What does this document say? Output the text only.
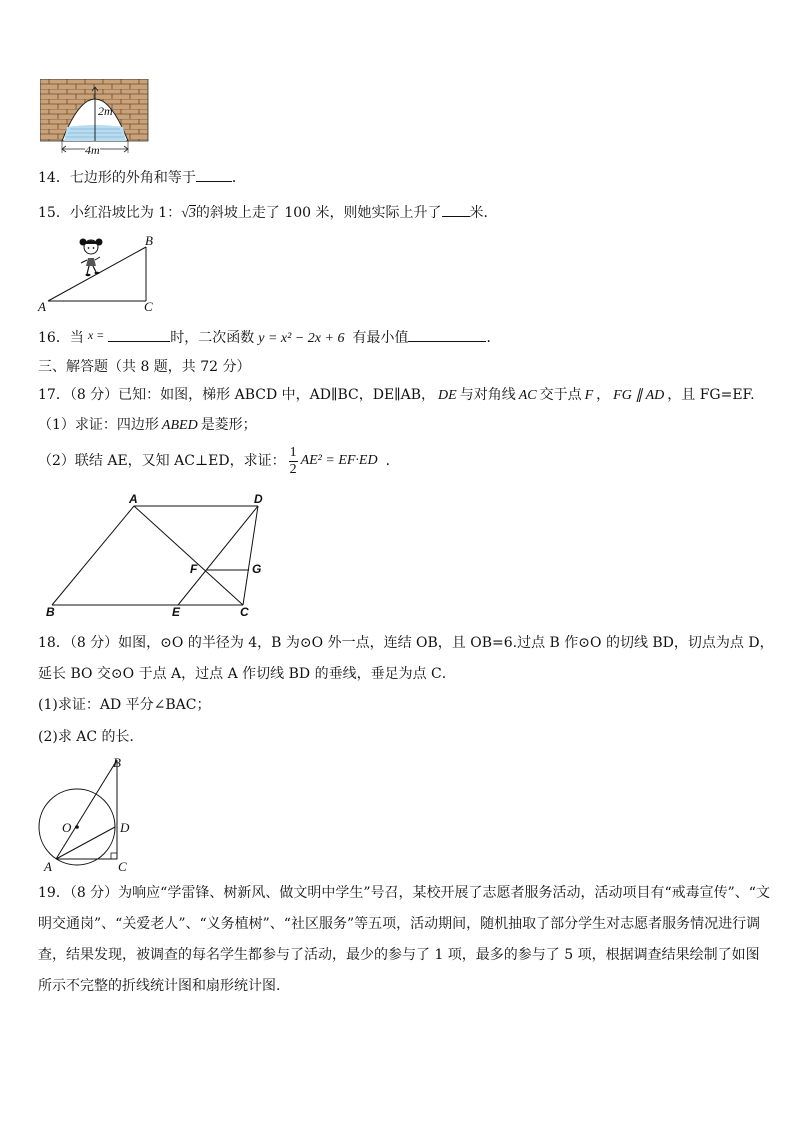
2m
4m
14．七边形的外角和等于	．
15．小红沿坡比为 1：√3的斜坡上走了 100 米，则她实际上升了 米．
A
B
C
16．当 x =	时，二次函数 y = x² − 2x + 6 有最小值	．
三、解答题（共 8 题，共 72 分）
17．（8 分）已知：如图，梯形 ABCD 中，AD∥BC，DE∥AB， DE 与对角线 AC 交于点 F ， FG ∥ AD ，且 FG=EF.
（1）求证：四边形 ABED 是菱形；
（2）联结 AE，又知 AC⊥ED，求证： $\frac{1}{2} AE^2 = EF\cdot ED$ ．
A	D
F	G
B	E	C
18．（8 分）如图，⊙O 的半径为 4，B 为⊙O 外一点，连结 OB，且 OB=6.过点 B 作⊙O 的切线 BD，切点为点 D，
延长 BO 交⊙O 于点 A，过点 A 作切线 BD 的垂线，垂足为点 C．
(1)求证：AD 平分∠BAC；
(2)求 AC 的长．
B
O	D
A	C
19．（8 分）为响应“学雷锋、树新风、做文明中学生”号召，某校开展了志愿者服务活动，活动项目有“戒毒宣传”、“文
明交通岗”、“关爱老人”、“义务植树”、“社区服务”等五项，活动期间，随机抽取了部分学生对志愿者服务情况进行调
查，结果发现，被调查的每名学生都参与了活动，最少的参与了 1 项，最多的参与了 5 项，根据调查结果绘制了如图
所示不完整的折线统计图和扇形统计图.
